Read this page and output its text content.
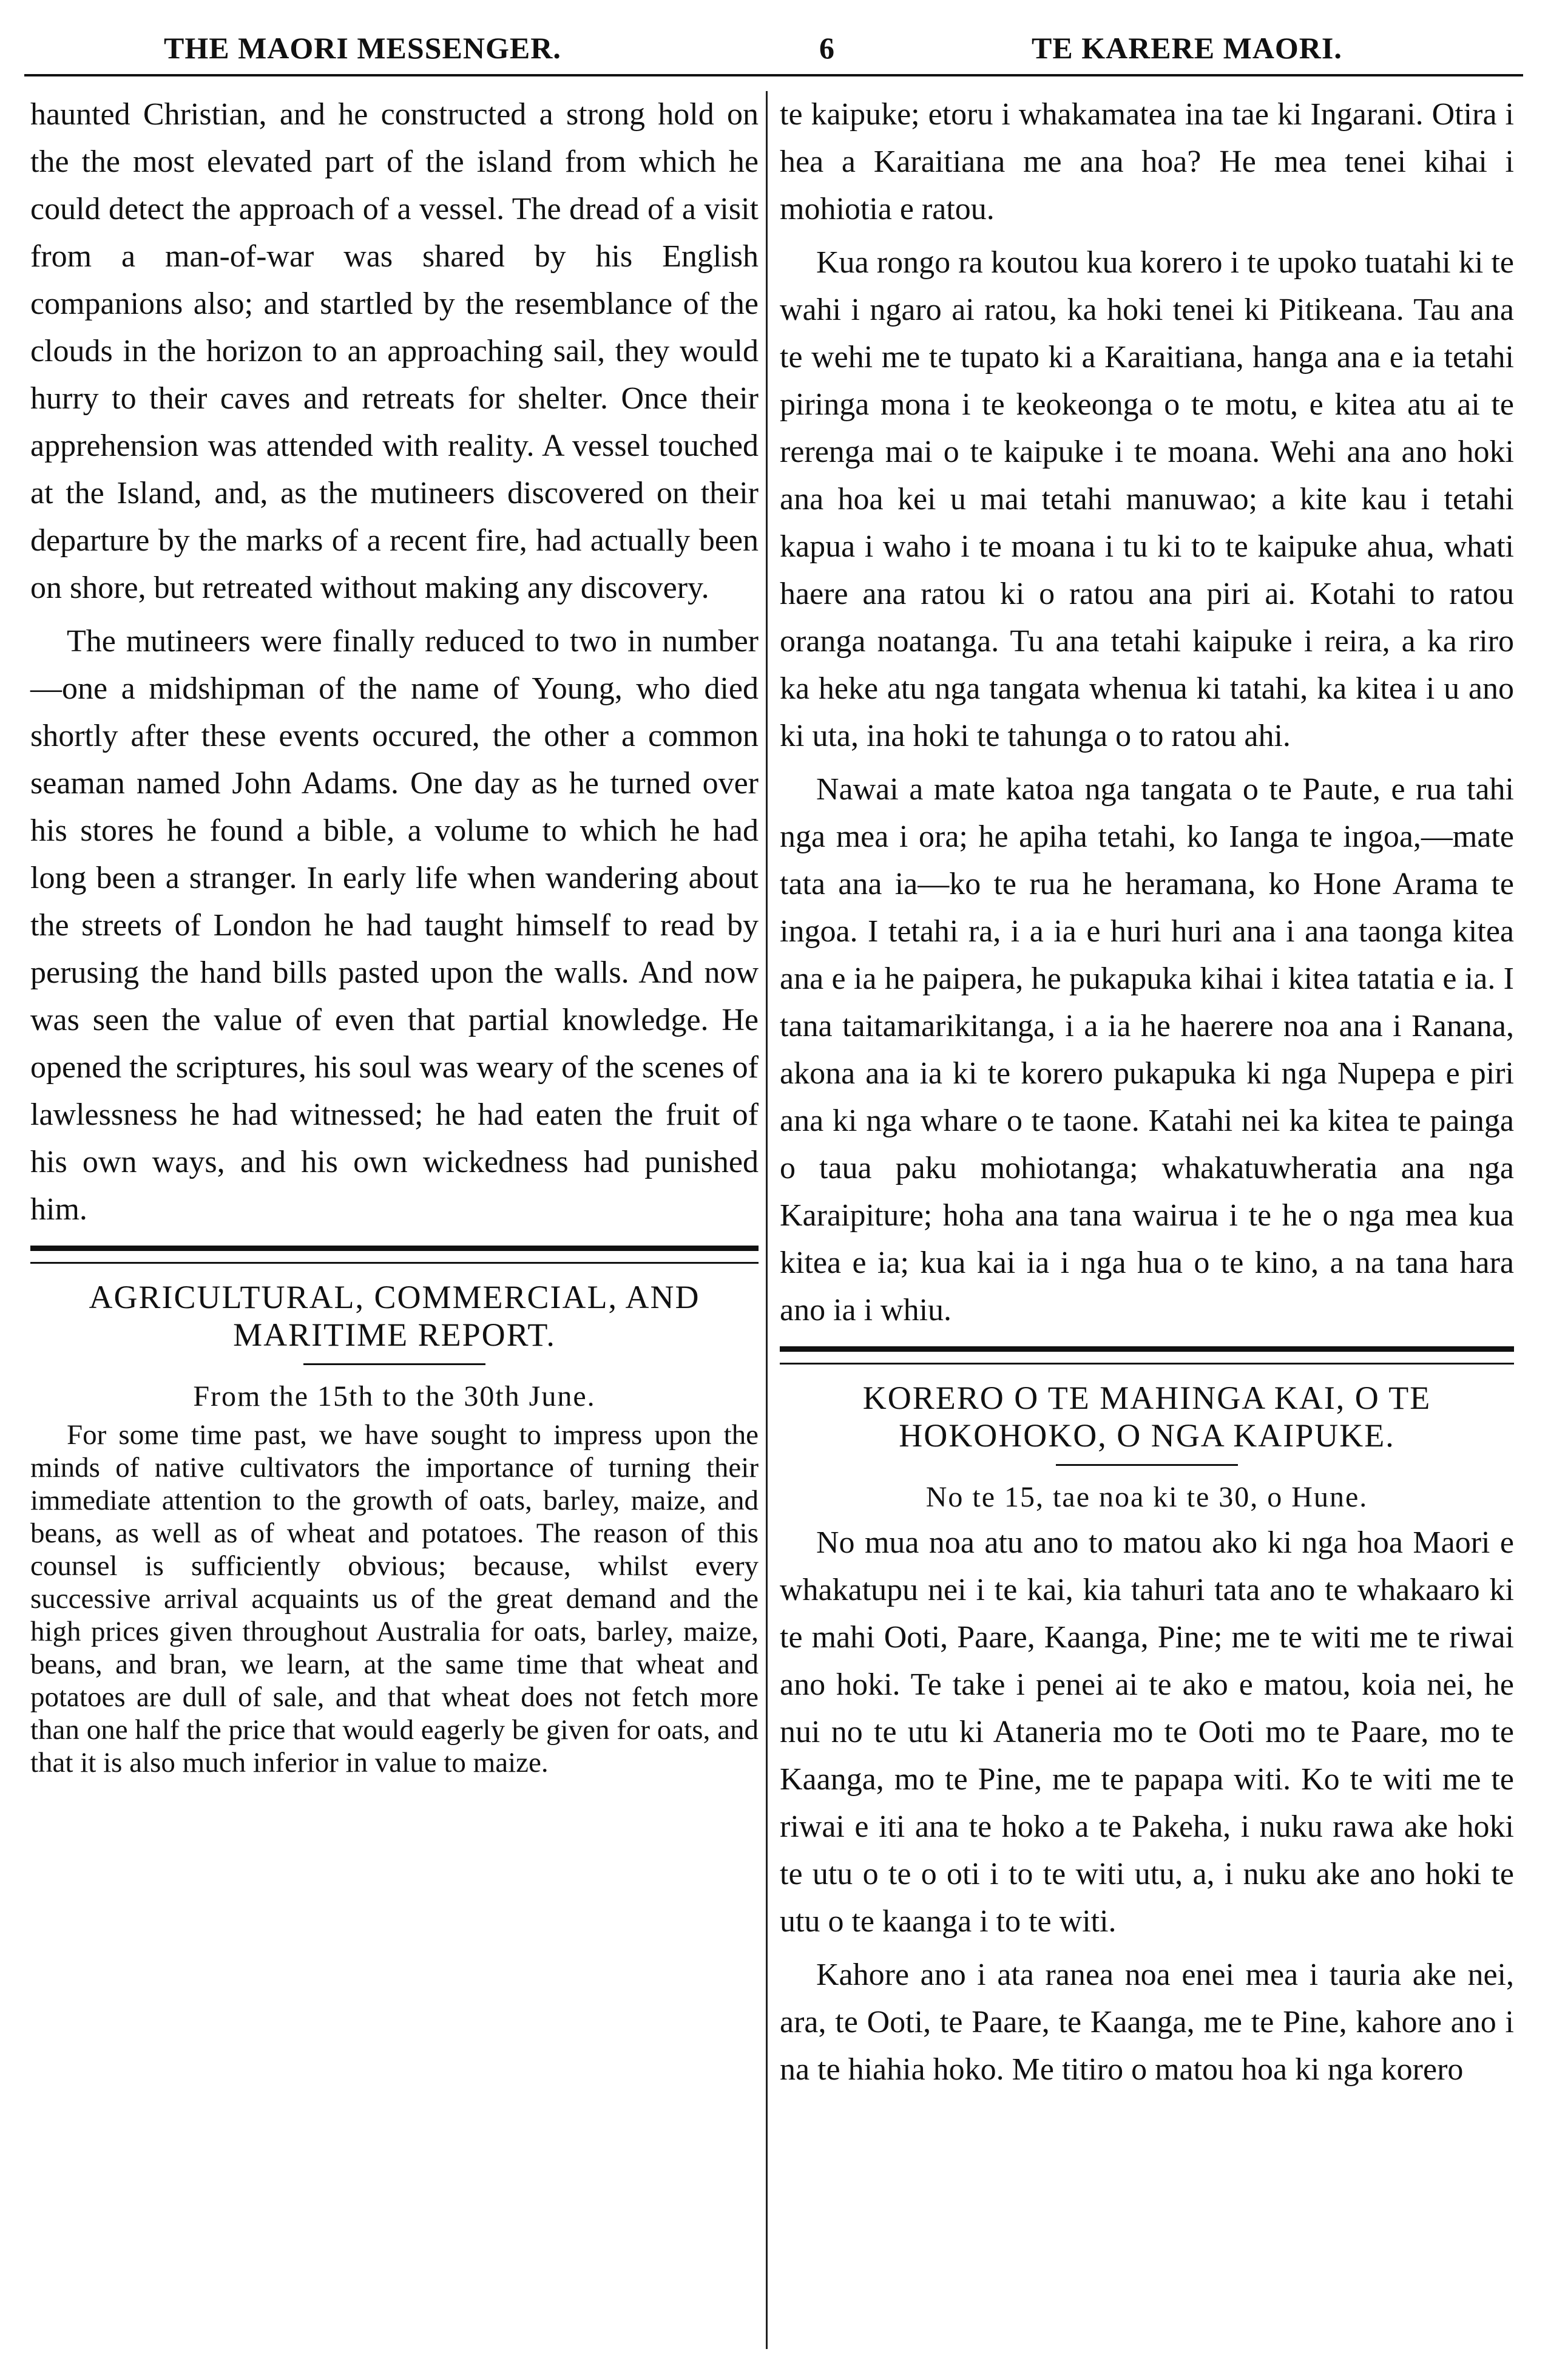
THE MAORI MESSENGER.	6	TE KARERE MAORI.

haunted Christian, and he constructed a strong hold on the the most elevated part of the island from which he could detect the approach of a vessel. The dread of a visit from a man-of-war was shared by his English companions also; and startled by the resemblance of the clouds in the horizon to an approaching sail, they would hurry to their caves and retreats for shelter. Once their apprehension was attended with reality. A vessel touched at the Island, and, as the mutineers discovered on their departure by the marks of a recent fire, had actually been on shore, but retreated without making any discovery.

The mutineers were finally reduced to two in number—one a midshipman of the name of Young, who died shortly after these events occured, the other a common seaman named John Adams. One day as he turned over his stores he found a bible, a volume to which he had long been a stranger. In early life when wandering about the streets of London he had taught himself to read by perusing the hand bills pasted upon the walls. And now was seen the value of even that partial knowledge. He opened the scriptures, his soul was weary of the scenes of lawlessness he had witnessed; he had eaten the fruit of his own ways, and his own wickedness had punished him.

AGRICULTURAL, COMMERCIAL, AND MARITIME REPORT.
From the 15th to the 30th June.

For some time past, we have sought to impress upon the minds of native cultivators the importance of turning their immediate attention to the growth of oats, barley, maize, and beans, as well as of wheat and potatoes. The reason of this counsel is sufficiently obvious; because, whilst every successive arrival acquaints us of the great demand and the high prices given throughout Australia for oats, barley, maize, beans, and bran, we learn, at the same time that wheat and potatoes are dull of sale, and that wheat does not fetch more than one half the price that would eagerly be given for oats, and that it is also much inferior in value to maize.

te kaipuke; etoru i whakamatea ina tae ki Ingarani. Otira i hea a Karaitiana me ana hoa? He mea tenei kihai i mohiotia e ratou.

Kua rongo ra koutou kua korero i te upoko tuatahi ki te wahi i ngaro ai ratou, ka hoki tenei ki Pitikeana. Tau ana te wehi me te tupato ki a Karaitiana, hanga ana e ia tetahi piringa mona i te keokeonga o te motu, e kitea atu ai te rerenga mai o te kaipuke i te moana. Wehi ana ano hoki ana hoa kei u mai tetahi manuwao; a kite kau i tetahi kapua i waho i te moana i tu ki to te kaipuke ahua, whati haere ana ratou ki o ratou ana piri ai. Kotahi to ratou oranga noatanga. Tu ana tetahi kaipuke i reira, a ka riro ka heke atu nga tangata whenua ki tatahi, ka kitea i u ano ki uta, ina hoki te tahunga o to ratou ahi.

Nawai a mate katoa nga tangata o te Paute, e rua tahi nga mea i ora; he apiha tetahi, ko Ianga te ingoa,—mate tata ana ia—ko te rua he heramana, ko Hone Arama te ingoa. I tetahi ra, i a ia e huri huri ana i ana taonga kitea ana e ia he paipera, he pukapuka kihai i kitea tatatia e ia. I tana taitamarikitanga, i a ia he haerere noa ana i Ranana, akona ana ia ki te korero pukapuka ki nga Nupepa e piri ana ki nga whare o te taone. Katahi nei ka kitea te painga o taua paku mohiotanga; whakatuwheratia ana nga Karaipiture; hoha ana tana wairua i te he o nga mea kua kitea e ia; kua kai ia i nga hua o te kino, a na tana hara ano ia i whiu.

KORERO O TE MAHINGA KAI, O TE HOKOHOKO, O NGA KAIPUKE.
No te 15, tae noa ki te 30, o Hune.

No mua noa atu ano to matou ako ki nga hoa Maori e whakatupu nei i te kai, kia tahuri tata ano te whakaaro ki te mahi Ooti, Paare, Kaanga, Pine; me te witi me te riwai ano hoki. Te take i penei ai te ako e matou, koia nei, he nui no te utu ki Ataneria mo te Ooti mo te Paare, mo te Kaanga, mo te Pine, me te papapa witi. Ko te witi me te riwai e iti ana te hoko a te Pakeha, i nuku rawa ake hoki te utu o te o oti i to te witi utu, a, i nuku ake ano hoki te utu o te kaanga i to te witi.

Kahore ano i ata ranea noa enei mea i tauria ake nei, ara, te Ooti, te Paare, te Kaanga, me te Pine, kahore ano i na te hiahia hoko. Me titiro o matou hoa ki nga korero
